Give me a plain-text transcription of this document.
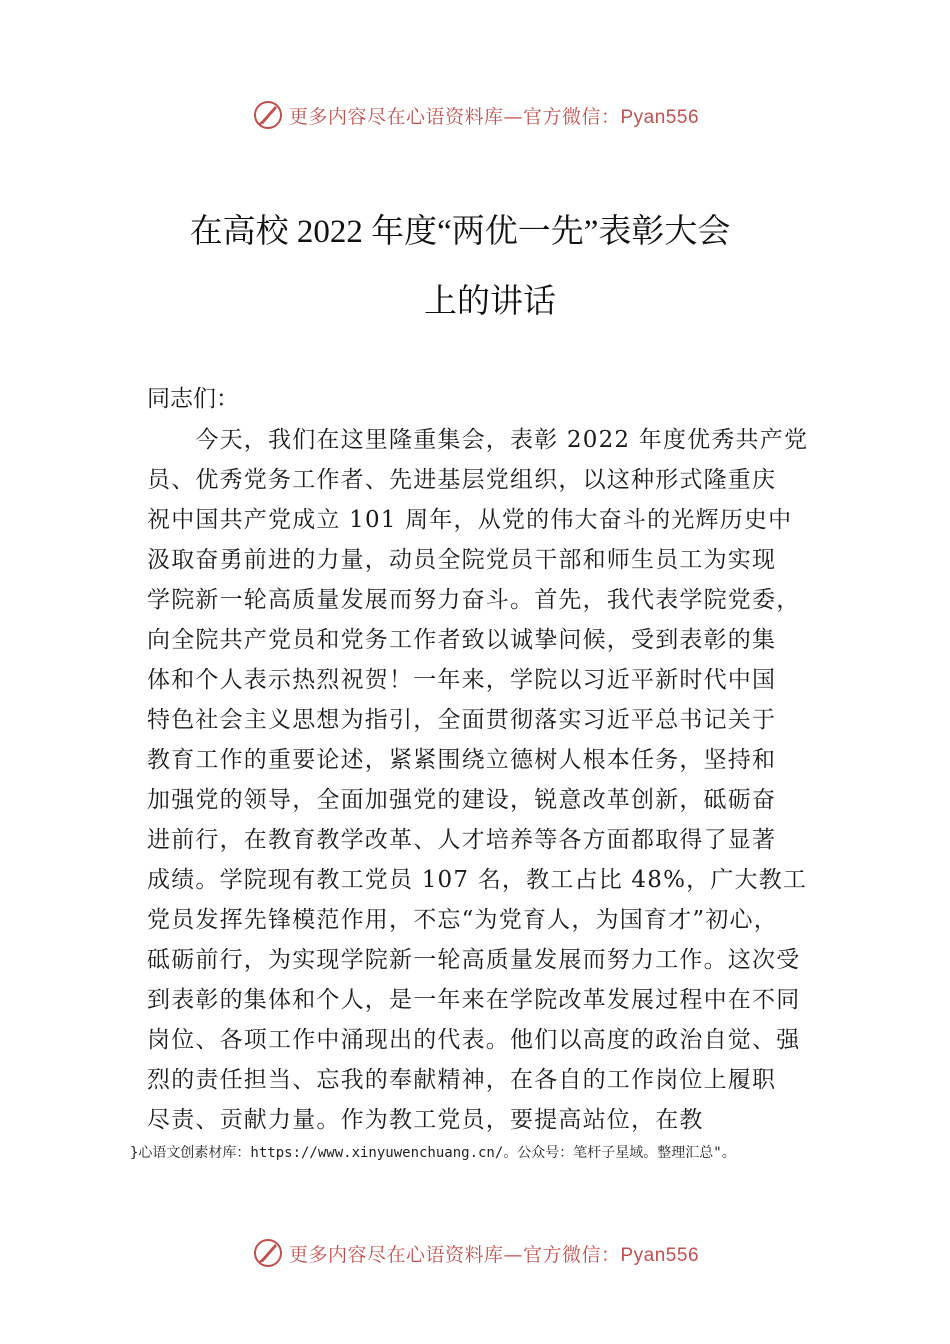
更多内容尽在心语资料库—官方微信：Pyan556
在高校 2022 年度“两优一先”表彰大会
上的讲话
同志们：
　　今天，我们在这里隆重集会，表彰 2022 年度优秀共产党
员、优秀党务工作者、先进基层党组织，以这种形式隆重庆
祝中国共产党成立 101 周年，从党的伟大奋斗的光辉历史中
汲取奋勇前进的力量，动员全院党员干部和师生员工为实现
学院新一轮高质量发展而努力奋斗。首先，我代表学院党委，
向全院共产党员和党务工作者致以诚挚问候，受到表彰的集
体和个人表示热烈祝贺！一年来，学院以习近平新时代中国
特色社会主义思想为指引，全面贯彻落实习近平总书记关于
教育工作的重要论述，紧紧围绕立德树人根本任务，坚持和
加强党的领导，全面加强党的建设，锐意改革创新，砥砺奋
进前行，在教育教学改革、人才培养等各方面都取得了显著
成绩。学院现有教工党员 107 名，教工占比 48%，广大教工
党员发挥先锋模范作用，不忘“为党育人，为国育才”初心，
砥砺前行，为实现学院新一轮高质量发展而努力工作。这次受
到表彰的集体和个人，是一年来在学院改革发展过程中在不同
岗位、各项工作中涌现出的代表。他们以高度的政治自觉、强
烈的责任担当、忘我的奉献精神，在各自的工作岗位上履职
尽责、贡献力量。作为教工党员，要提高站位，在教
}心语文创素材库：https://www.xinyuwenchuang.cn/。公众号：笔杆子星域。整理汇总"。
更多内容尽在心语资料库—官方微信：Pyan556
